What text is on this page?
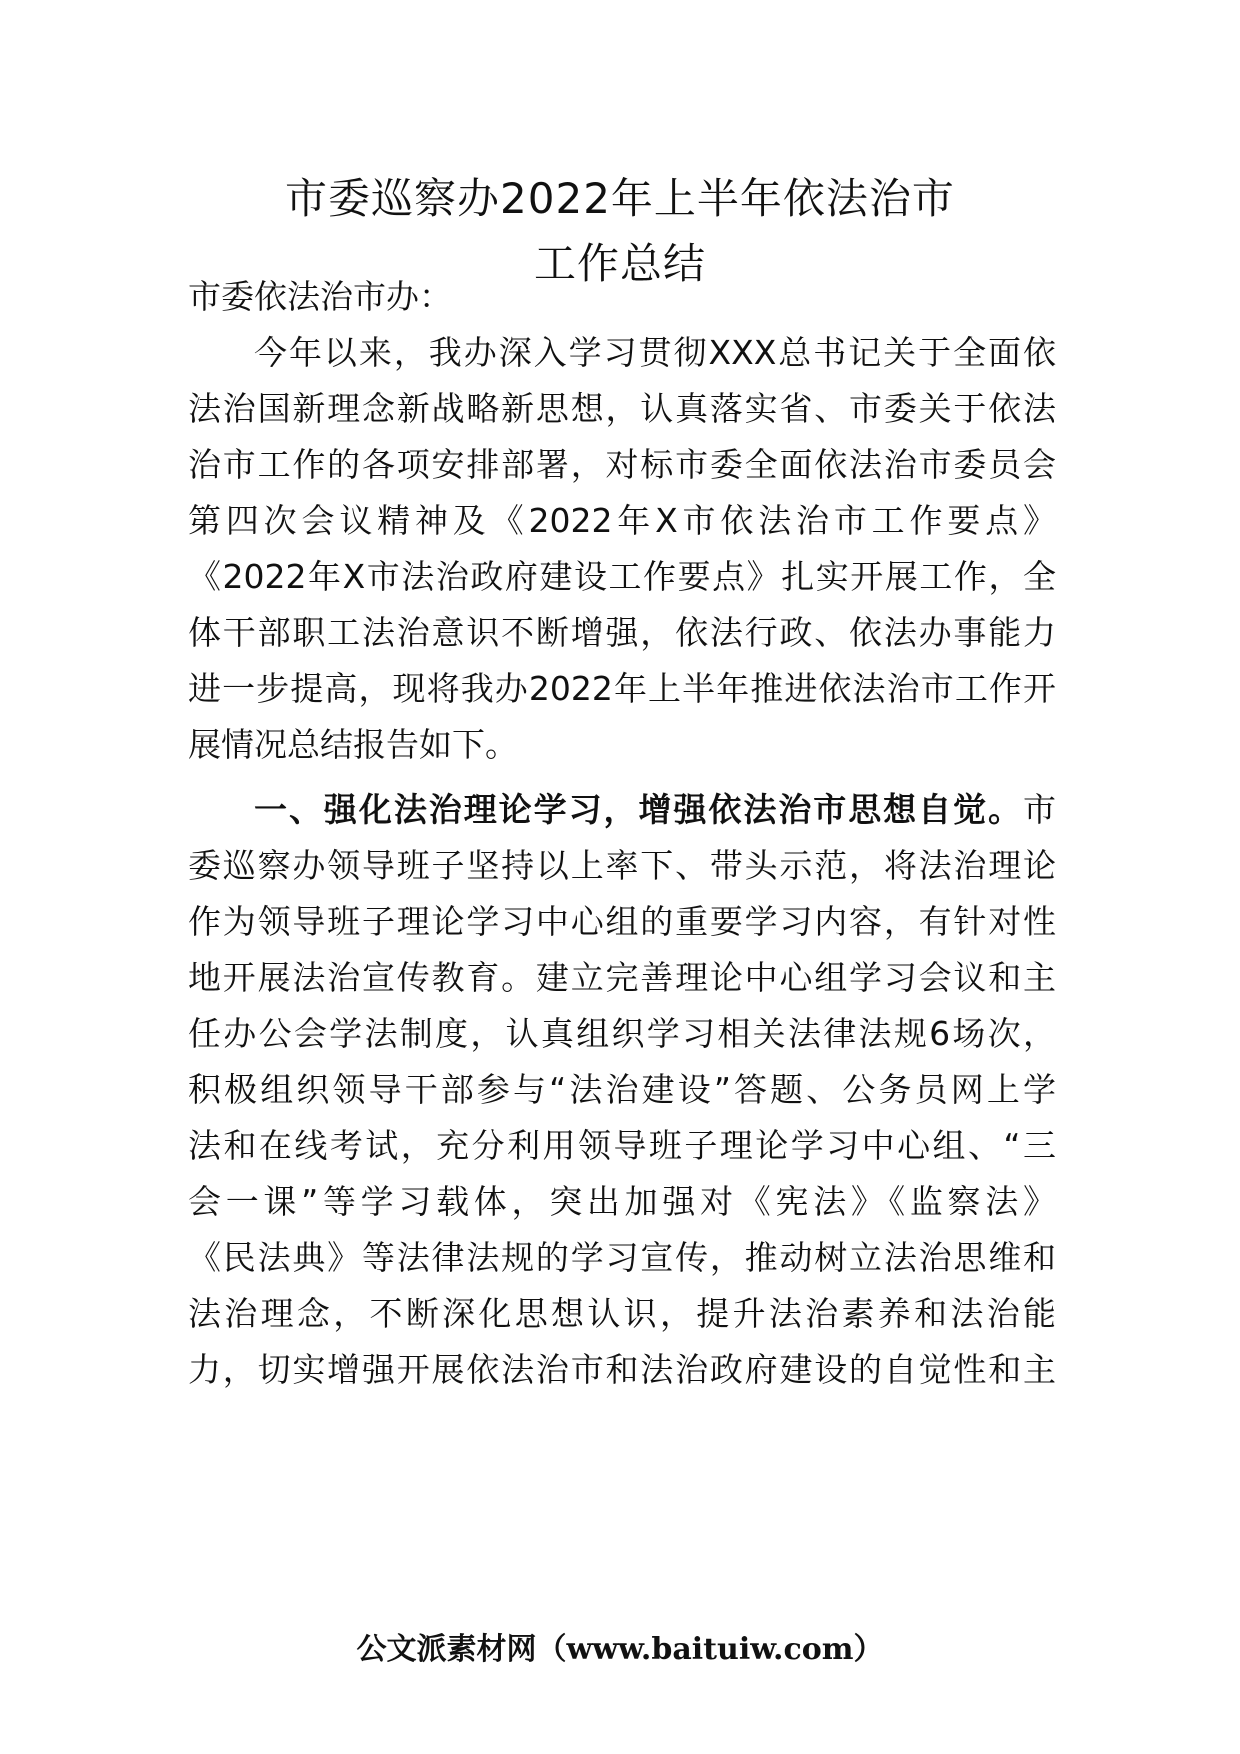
市委巡察办2022年上半年依法治市
工作总结
市委依法治市办：
今年以来，我办深入学习贯彻XXX总书记关于全面依
法治国新理念新战略新思想，认真落实省、市委关于依法
治市工作的各项安排部署，对标市委全面依法治市委员会
第四次会议精神及《2022年X市依法治市工作要点》
《2022年X市法治政府建设工作要点》扎实开展工作，全
体干部职工法治意识不断增强，依法行政、依法办事能力
进一步提高，现将我办2022年上半年推进依法治市工作开
展情况总结报告如下。
一、强化法治理论学习，增强依法治市思想自觉。市
委巡察办领导班子坚持以上率下、带头示范，将法治理论
作为领导班子理论学习中心组的重要学习内容，有针对性
地开展法治宣传教育。建立完善理论中心组学习会议和主
任办公会学法制度，认真组织学习相关法律法规6场次，
积极组织领导干部参与“法治建设”答题、公务员网上学
法和在线考试，充分利用领导班子理论学习中心组、“三
会一课”等学习载体，突出加强对《宪法》《监察法》
《民法典》等法律法规的学习宣传，推动树立法治思维和
法治理念，不断深化思想认识，提升法治素养和法治能
力，切实增强开展依法治市和法治政府建设的自觉性和主
公文派素材网（www.baituiw.com）
